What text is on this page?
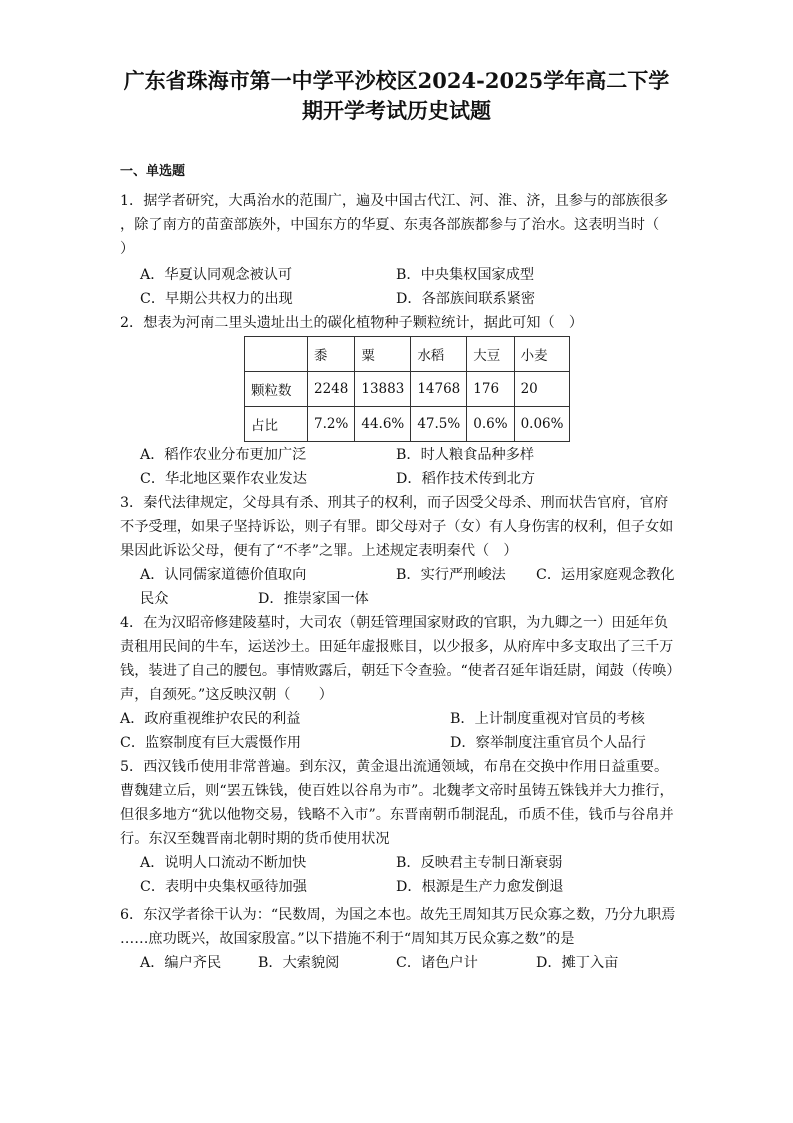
广东省珠海市第一中学平沙校区2024-2025学年高二下学
期开学考试历史试题
一、单选题
1．据学者研究，大禹治水的范围广，遍及中国古代江、河、淮、济，且参与的部族很多
，除了南方的苗蛮部族外，中国东方的华夏、东夷各部族都参与了治水。这表明当时（
）
A．华夏认同观念被认可	B．中央集权国家成型
C．早期公共权力的出现	D．各部族间联系紧密
2．想表为河南二里头遗址出土的碳化植物种子颗粒统计，据此可知（　）
	黍	粟	水稻	大豆	小麦
颗粒数	2248	13883	14768	176	20
占比	7.2%	44.6%	47.5%	0.6%	0.06%
A．稻作农业分布更加广泛	B．时人粮食品种多样
C．华北地区粟作农业发达	D．稻作技术传到北方
3．秦代法律规定，父母具有杀、刑其子的权利，而子因受父母杀、刑而状告官府，官府
不予受理，如果子坚持诉讼，则子有罪。即父母对子（女）有人身伤害的权利，但子女如
果因此诉讼父母，便有了“不孝”之罪。上述规定表明秦代（　）
A．认同儒家道德价值取向	B．实行严刑峻法 C．运用家庭观念教化
民众	D．推崇家国一体
4．在为汉昭帝修建陵墓时，大司农（朝廷管理国家财政的官职，为九卿之一）田延年负
责租用民间的牛车，运送沙土。田延年虚报账目，以少报多，从府库中多支取出了三千万
钱，装进了自己的腰包。事情败露后，朝廷下令查验。“使者召延年诣廷尉，闻鼓（传唤）
声，自颈死。”这反映汉朝（　　）
A．政府重视维护农民的利益	B．上计制度重视对官员的考核
C．监察制度有巨大震慑作用	D．察举制度注重官员个人品行
5．西汉钱币使用非常普遍。到东汉，黄金退出流通领域，布帛在交换中作用日益重要。
曹魏建立后，则“罢五铢钱，使百姓以谷帛为市”。北魏孝文帝时虽铸五铢钱并大力推行，
但很多地方“犹以他物交易，钱略不入市”。东晋南朝币制混乱，币质不佳，钱币与谷帛并
行。东汉至魏晋南北朝时期的货币使用状况
A．说明人口流动不断加快	B．反映君主专制日渐衰弱
C．表明中央集权亟待加强	D．根源是生产力愈发倒退
6．东汉学者徐干认为：“民数周，为国之本也。故先王周知其万民众寡之数，乃分九职焉
……庶功既兴，故国家殷富。”以下措施不利于“周知其万民众寡之数”的是
A．编户齐民	B．大索貌阅	C．诸色户计	D．摊丁入亩
